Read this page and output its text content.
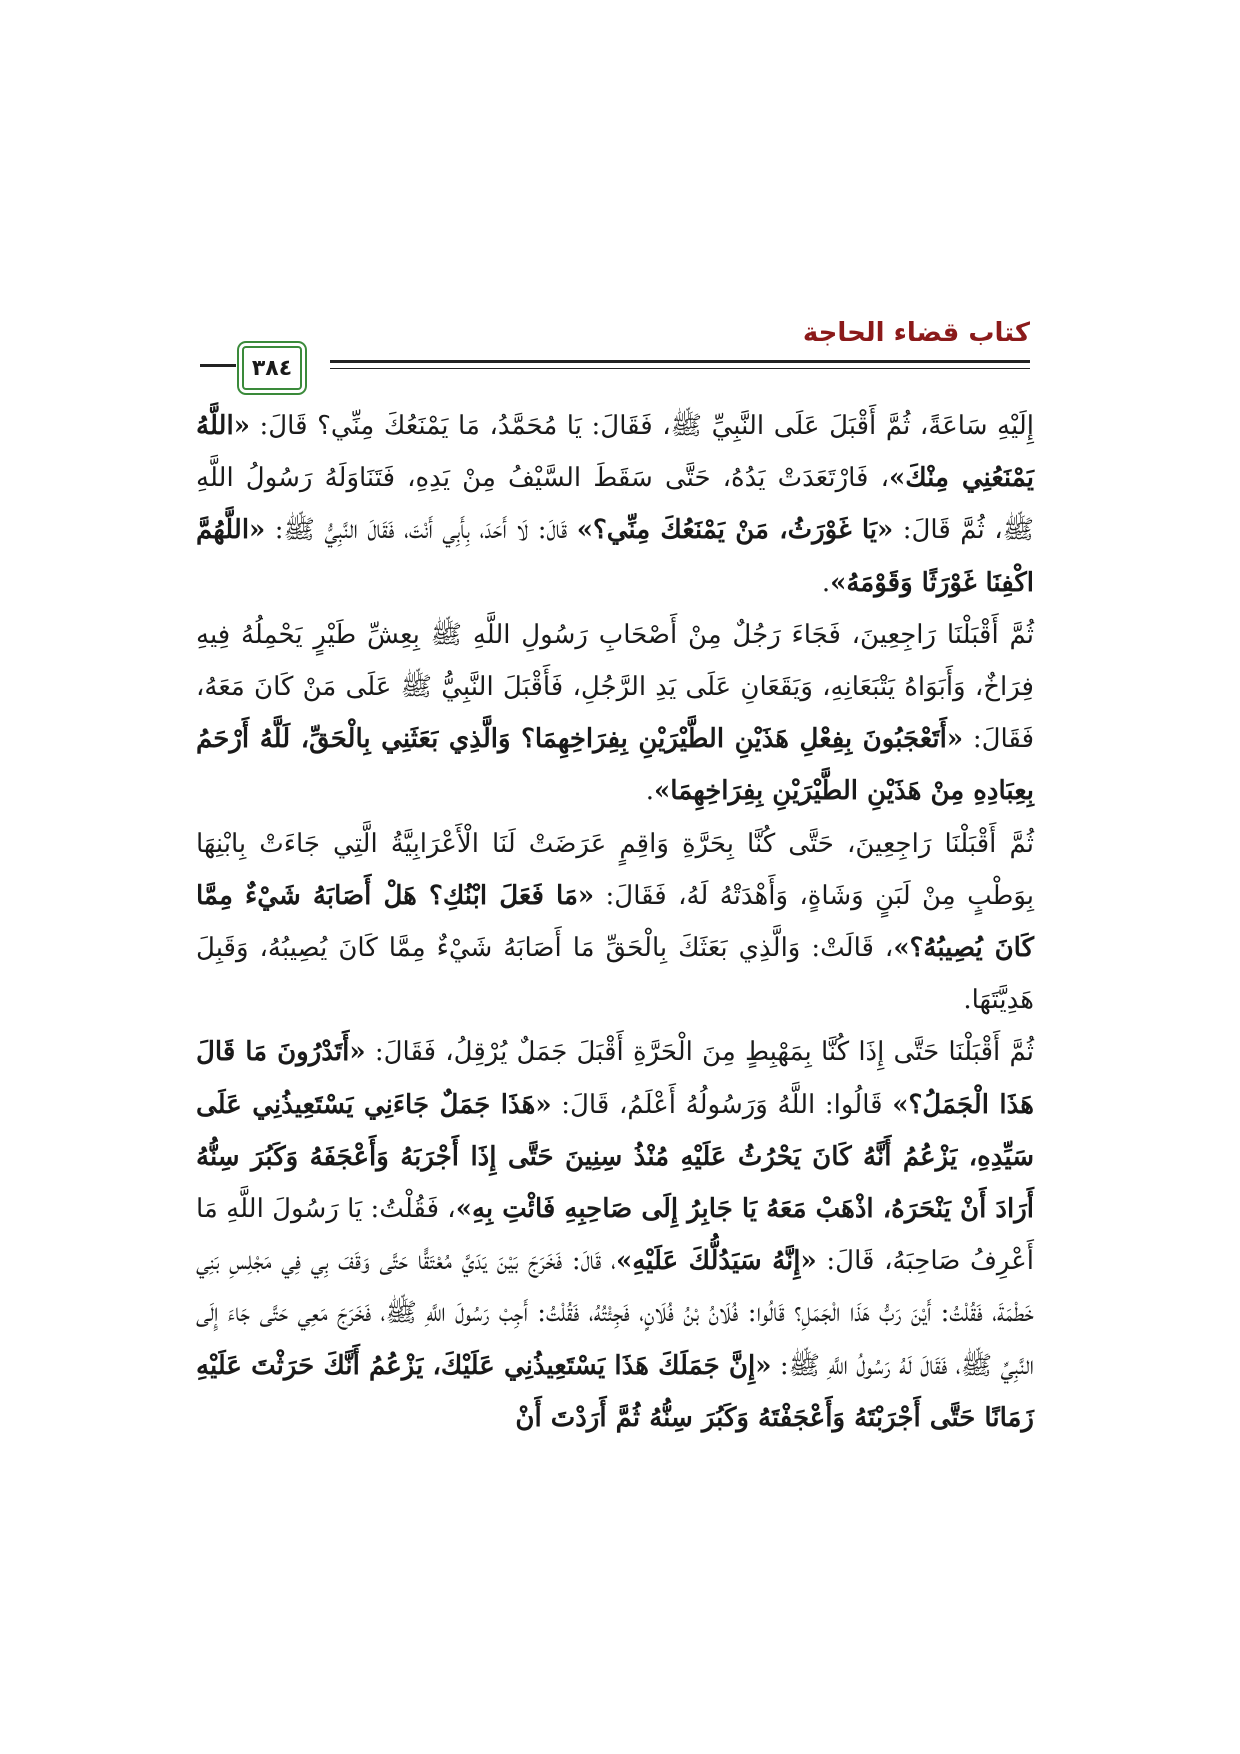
كتاب قضاء الحاجة
٣٨٤

إِلَيْهِ سَاعَةً، ثُمَّ أَقْبَلَ عَلَى النَّبِيِّ ﷺ، فَقَالَ: يَا مُحَمَّدُ، مَا يَمْنَعُكَ مِنِّي؟ قَالَ: «اللَّهُ يَمْنَعُنِي مِنْكَ»، فَارْتَعَدَتْ يَدُهُ، حَتَّى سَقَطَ السَّيْفُ مِنْ يَدِهِ، فَتَنَاوَلَهُ رَسُولُ اللَّهِ ﷺ، ثُمَّ قَالَ: «يَا غَوْرَثُ، مَنْ يَمْنَعُكَ مِنِّي؟» قَالَ: لَا أَحَدَ، بِأَبِي أَنْتَ، فَقَالَ النَّبِيُّ ﷺ: «اللَّهُمَّ اكْفِنَا غَوْرَثًا وَقَوْمَهُ».

ثُمَّ أَقْبَلْنَا رَاجِعِينَ، فَجَاءَ رَجُلٌ مِنْ أَصْحَابِ رَسُولِ اللَّهِ ﷺ بِعِشِّ طَيْرٍ يَحْمِلُهُ فِيهِ فِرَاخٌ، وَأَبَوَاهُ يَتْبَعَانِهِ، وَيَقَعَانِ عَلَى يَدِ الرَّجُلِ، فَأَقْبَلَ النَّبِيُّ ﷺ عَلَى مَنْ كَانَ مَعَهُ، فَقَالَ: «أَتَعْجَبُونَ بِفِعْلِ هَذَيْنِ الطَّيْرَيْنِ بِفِرَاخِهِمَا؟ وَالَّذِي بَعَثَنِي بِالْحَقِّ، لَلَّهُ أَرْحَمُ بِعِبَادِهِ مِنْ هَذَيْنِ الطَّيْرَيْنِ بِفِرَاخِهِمَا».

ثُمَّ أَقْبَلْنَا رَاجِعِينَ، حَتَّى كُنَّا بِحَرَّةِ وَاقِمٍ عَرَضَتْ لَنَا الْأَعْرَابِيَّةُ الَّتِي جَاءَتْ بِابْنِهَا بِوَطْبٍ مِنْ لَبَنٍ وَشَاةٍ، وَأَهْدَتْهُ لَهُ، فَقَالَ: «مَا فَعَلَ ابْنُكِ؟ هَلْ أَصَابَهُ شَيْءٌ مِمَّا كَانَ يُصِيبُهُ؟»، قَالَتْ: وَالَّذِي بَعَثَكَ بِالْحَقِّ مَا أَصَابَهُ شَيْءٌ مِمَّا كَانَ يُصِيبُهُ، وَقَبِلَ هَدِيَّتَهَا.

ثُمَّ أَقْبَلْنَا حَتَّى إِذَا كُنَّا بِمَهْبِطٍ مِنَ الْحَرَّةِ أَقْبَلَ جَمَلٌ يُرْقِلُ، فَقَالَ: «أَتَدْرُونَ مَا قَالَ هَذَا الْجَمَلُ؟» قَالُوا: اللَّهُ وَرَسُولُهُ أَعْلَمُ، قَالَ: «هَذَا جَمَلٌ جَاءَنِي يَسْتَعِيذُنِي عَلَى سَيِّدِهِ، يَزْعُمُ أَنَّهُ كَانَ يَحْرُثُ عَلَيْهِ مُنْذُ سِنِينَ حَتَّى إِذَا أَجْرَبَهُ وَأَعْجَفَهُ وَكَبُرَ سِنُّهُ أَرَادَ أَنْ يَنْحَرَهُ، اذْهَبْ مَعَهُ يَا جَابِرُ إِلَى صَاحِبِهِ فَائْتِ بِهِ»، فَقُلْتُ: يَا رَسُولَ اللَّهِ مَا أَعْرِفُ صَاحِبَهُ، قَالَ: «إِنَّهُ سَيَدُلُّكَ عَلَيْهِ»، قَالَ: فَخَرَجَ بَيْنَ يَدَيَّ مُعْتَقًّا حَتَّى وَقَفَ بِي فِي مَجْلِسِ بَنِي خَطْمَةَ، فَقُلْتُ: أَيْنَ رَبُّ هَذَا الْجَمَلِ؟ قَالُوا: فُلَانُ بْنُ فُلَانٍ، فَجِئْتُهُ، فَقُلْتُ: أَجِبْ رَسُولَ اللَّهِ ﷺ، فَخَرَجَ مَعِي حَتَّى جَاءَ إِلَى النَّبِيِّ ﷺ، فَقَالَ لَهُ رَسُولُ اللَّهِ ﷺ: «إِنَّ جَمَلَكَ هَذَا يَسْتَعِيذُنِي عَلَيْكَ، يَزْعُمُ أَنَّكَ حَرَثْتَ عَلَيْهِ زَمَانًا حَتَّى أَجْرَبْتَهُ وَأَعْجَفْتَهُ وَكَبُرَ سِنُّهُ ثُمَّ أَرَدْتَ أَنْ
